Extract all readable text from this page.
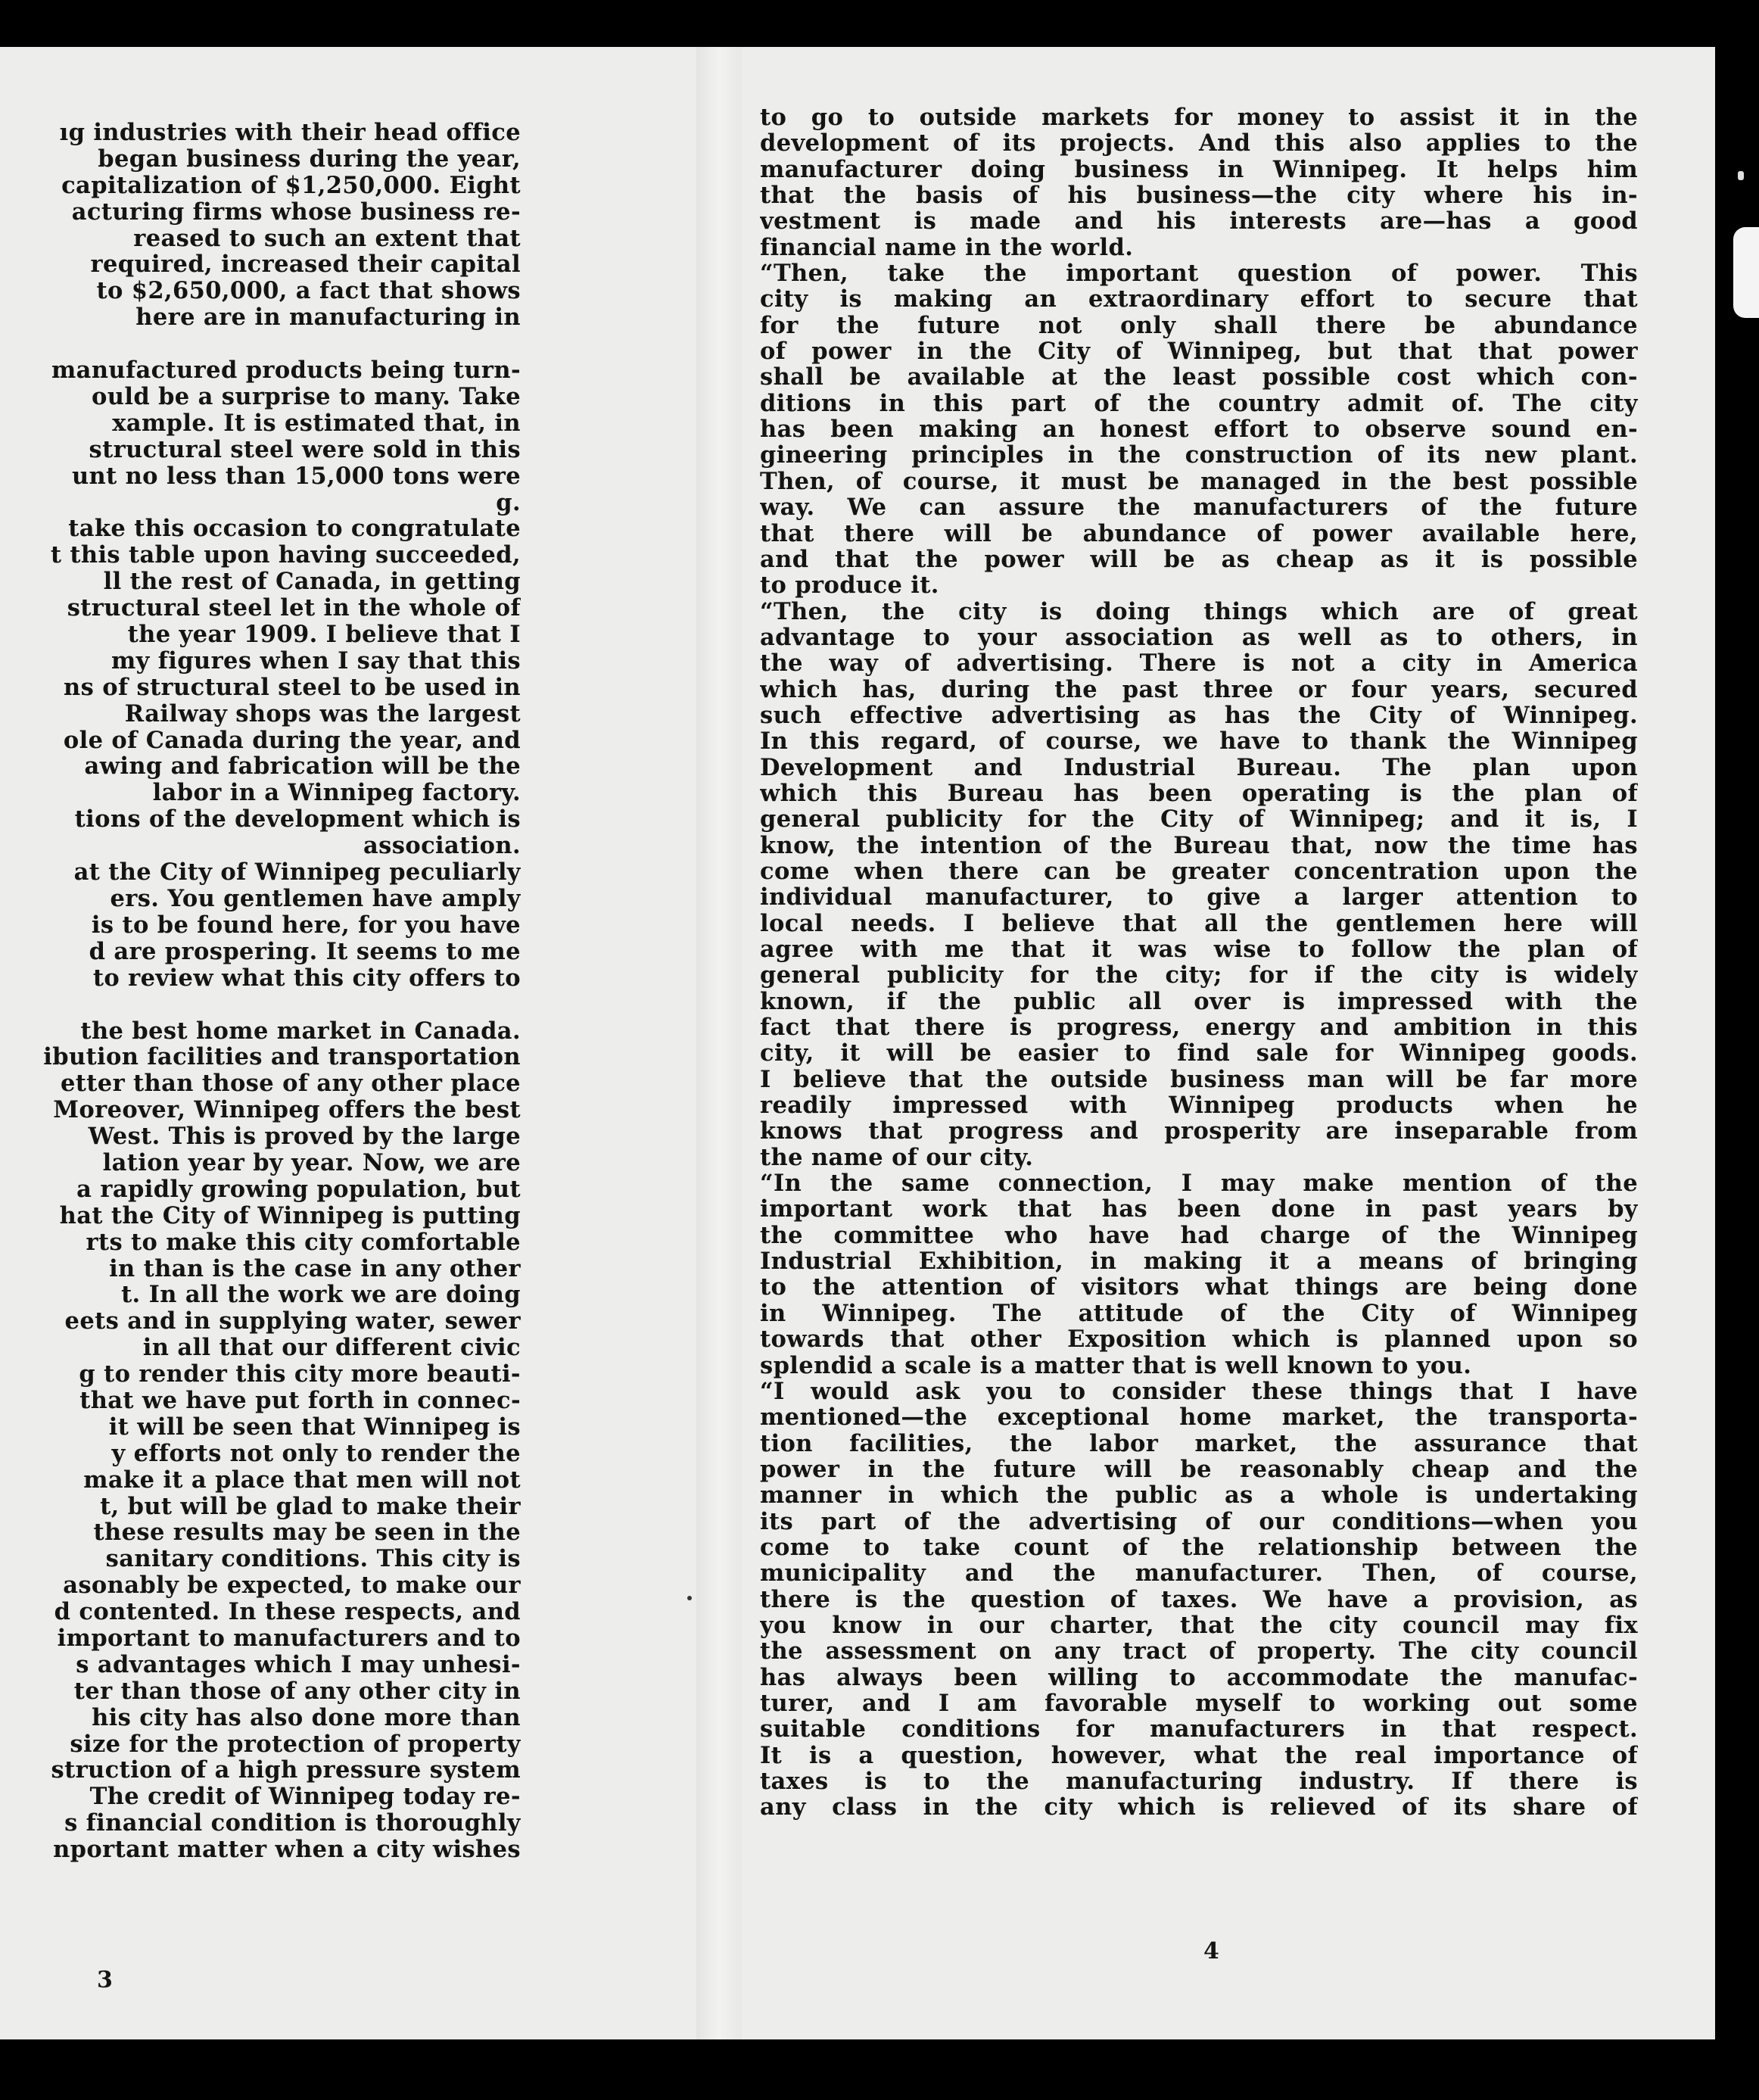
ıg industries with their head office
began business during the year,
capitalization of $1,250,000. Eight
acturing firms whose business re-
reased to such an extent that
required, increased their capital
to $2,650,000, a fact that shows
here are in manufacturing in
manufactured products being turn-
ould be a surprise to many. Take
xample. It is estimated that, in
structural steel were sold in this
unt no less than 15,000 tons were
g.
take this occasion to congratulate
t this table upon having succeeded,
ll the rest of Canada, in getting
structural steel let in the whole of
the year 1909. I believe that I
my figures when I say that this
ns of structural steel to be used in
Railway shops was the largest
ole of Canada during the year, and
awing and fabrication will be the
labor in a Winnipeg factory.
tions of the development which is
association.
at the City of Winnipeg peculiarly
ers. You gentlemen have amply
is to be found here, for you have
d are prospering. It seems to me
to review what this city offers to
the best home market in Canada.
ibution facilities and transportation
etter than those of any other place
Moreover, Winnipeg offers the best
West. This is proved by the large
lation year by year. Now, we are
a rapidly growing population, but
hat the City of Winnipeg is putting
rts to make this city comfortable
in than is the case in any other
t. In all the work we are doing
eets and in supplying water, sewer
in all that our different civic
g to render this city more beauti-
that we have put forth in connec-
it will be seen that Winnipeg is
y efforts not only to render the
make it a place that men will not
t, but will be glad to make their
these results may be seen in the
sanitary conditions. This city is
asonably be expected, to make our
d contented. In these respects, and
important to manufacturers and to
s advantages which I may unhesi-
ter than those of any other city in
his city has also done more than
size for the protection of property
struction of a high pressure system
The credit of Winnipeg today re-
s financial condition is thoroughly
nportant matter when a city wishes
to go to outside markets for money to assist it in the
development of its projects. And this also applies to the
manufacturer doing business in Winnipeg. It helps him
that the basis of his business—the city where his in-
vestment is made and his interests are—has a good
financial name in the world.
“Then, take the important question of power. This
city is making an extraordinary effort to secure that
for the future not only shall there be abundance
of power in the City of Winnipeg, but that that power
shall be available at the least possible cost which con-
ditions in this part of the country admit of. The city
has been making an honest effort to observe sound en-
gineering principles in the construction of its new plant.
Then, of course, it must be managed in the best possible
way. We can assure the manufacturers of the future
that there will be abundance of power available here,
and that the power will be as cheap as it is possible
to produce it.
“Then, the city is doing things which are of great
advantage to your association as well as to others, in
the way of advertising. There is not a city in America
which has, during the past three or four years, secured
such effective advertising as has the City of Winnipeg.
In this regard, of course, we have to thank the Winnipeg
Development and Industrial Bureau. The plan upon
which this Bureau has been operating is the plan of
general publicity for the City of Winnipeg; and it is, I
know, the intention of the Bureau that, now the time has
come when there can be greater concentration upon the
individual manufacturer, to give a larger attention to
local needs. I believe that all the gentlemen here will
agree with me that it was wise to follow the plan of
general publicity for the city; for if the city is widely
known, if the public all over is impressed with the
fact that there is progress, energy and ambition in this
city, it will be easier to find sale for Winnipeg goods.
I believe that the outside business man will be far more
readily impressed with Winnipeg products when he
knows that progress and prosperity are inseparable from
the name of our city.
“In the same connection, I may make mention of the
important work that has been done in past years by
the committee who have had charge of the Winnipeg
Industrial Exhibition, in making it a means of bringing
to the attention of visitors what things are being done
in Winnipeg. The attitude of the City of Winnipeg
towards that other Exposition which is planned upon so
splendid a scale is a matter that is well known to you.
“I would ask you to consider these things that I have
mentioned—the exceptional home market, the transporta-
tion facilities, the labor market, the assurance that
power in the future will be reasonably cheap and the
manner in which the public as a whole is undertaking
its part of the advertising of our conditions—when you
come to take count of the relationship between the
municipality and the manufacturer. Then, of course,
there is the question of taxes. We have a provision, as
you know in our charter, that the city council may fix
the assessment on any tract of property. The city council
has always been willing to accommodate the manufac-
turer, and I am favorable myself to working out some
suitable conditions for manufacturers in that respect.
It is a question, however, what the real importance of
taxes is to the manufacturing industry. If there is
any class in the city which is relieved of its share of
3
4
